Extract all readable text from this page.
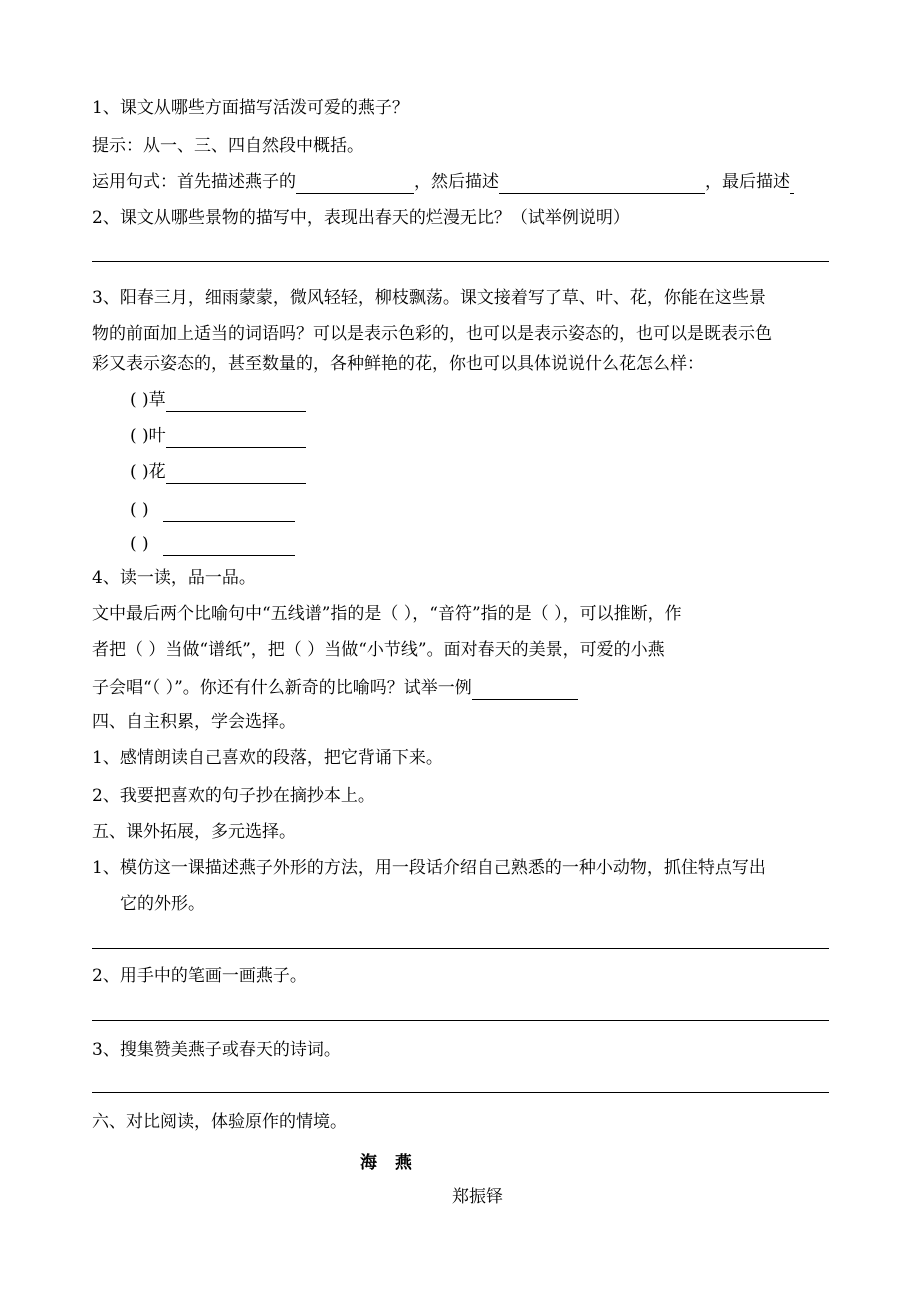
1、课文从哪些方面描写活泼可爱的燕子？
提示：从一、三、四自然段中概括。
运用句式：首先描述燕子的	，然后描述	，最后描述
2、课文从哪些景物的描写中，表现出春天的烂漫无比？（试举例说明）
3、阳春三月，细雨蒙蒙，微风轻轻，柳枝飘荡。课文接着写了草、叶、花，你能在这些景
物的前面加上适当的词语吗？可以是表示色彩的，也可以是表示姿态的，也可以是既表示色
彩又表示姿态的，甚至数量的，各种鲜艳的花，你也可以具体说说什么花怎么样：
( )草
( )叶
( )花
( )
( )
4、读一读，品一品。
文中最后两个比喻句中“五线谱”指的是（ ），“音符”指的是（ ），可以推断，作
者把（ ）当做“谱纸”，把（ ）当做“小节线”。面对春天的美景，可爱的小燕
子会唱“（ ）”。你还有什么新奇的比喻吗？试举一例
四、自主积累，学会选择。
1、感情朗读自己喜欢的段落，把它背诵下来。
2、我要把喜欢的句子抄在摘抄本上。
五、课外拓展，多元选择。
1、模仿这一课描述燕子外形的方法，用一段话介绍自己熟悉的一种小动物，抓住特点写出
它的外形。
2、用手中的笔画一画燕子。
3、搜集赞美燕子或春天的诗词。
六、对比阅读，体验原作的情境。
海 燕
郑振铎
